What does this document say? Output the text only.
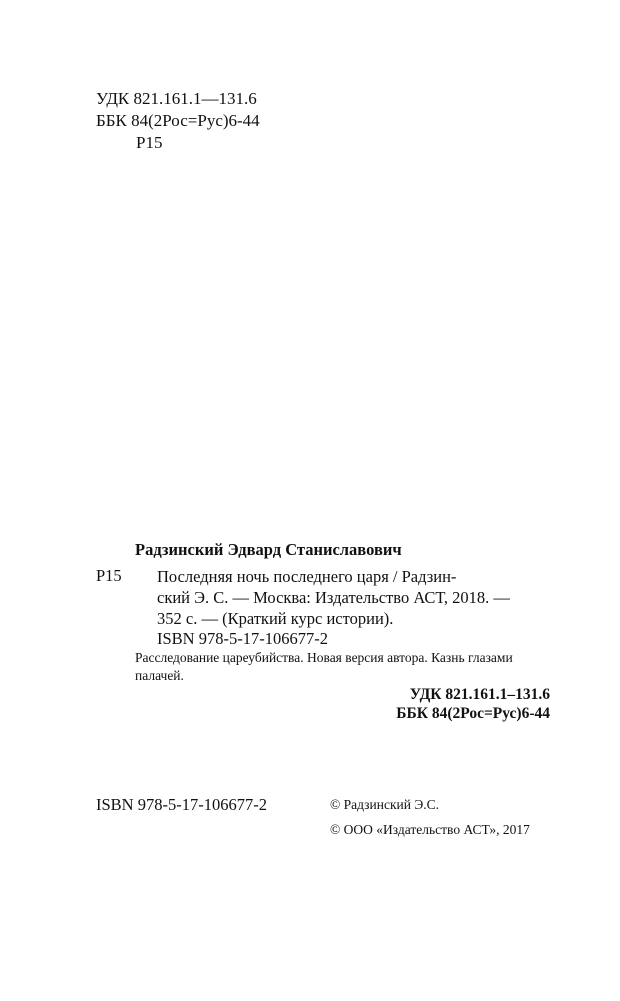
УДК 821.161.1—131.6
ББК 84(2Рос=Рус)6-44
Р15
Радзинский Эдвард Станиславович
Р15 Последняя ночь последнего царя / Радзин-
ский Э. С. — Москва: Издательство АСТ, 2018. —
352 с. — (Краткий курс истории).
ISBN 978-5-17-106677-2
Расследование цареубийства. Новая версия автора. Казнь глазами палачей.
УДК 821.161.1–131.6
ББК 84(2Рос=Рус)6-44
ISBN 978-5-17-106677-2	© Радзинский Э.С.
© ООО «Издательство АСТ», 2017
